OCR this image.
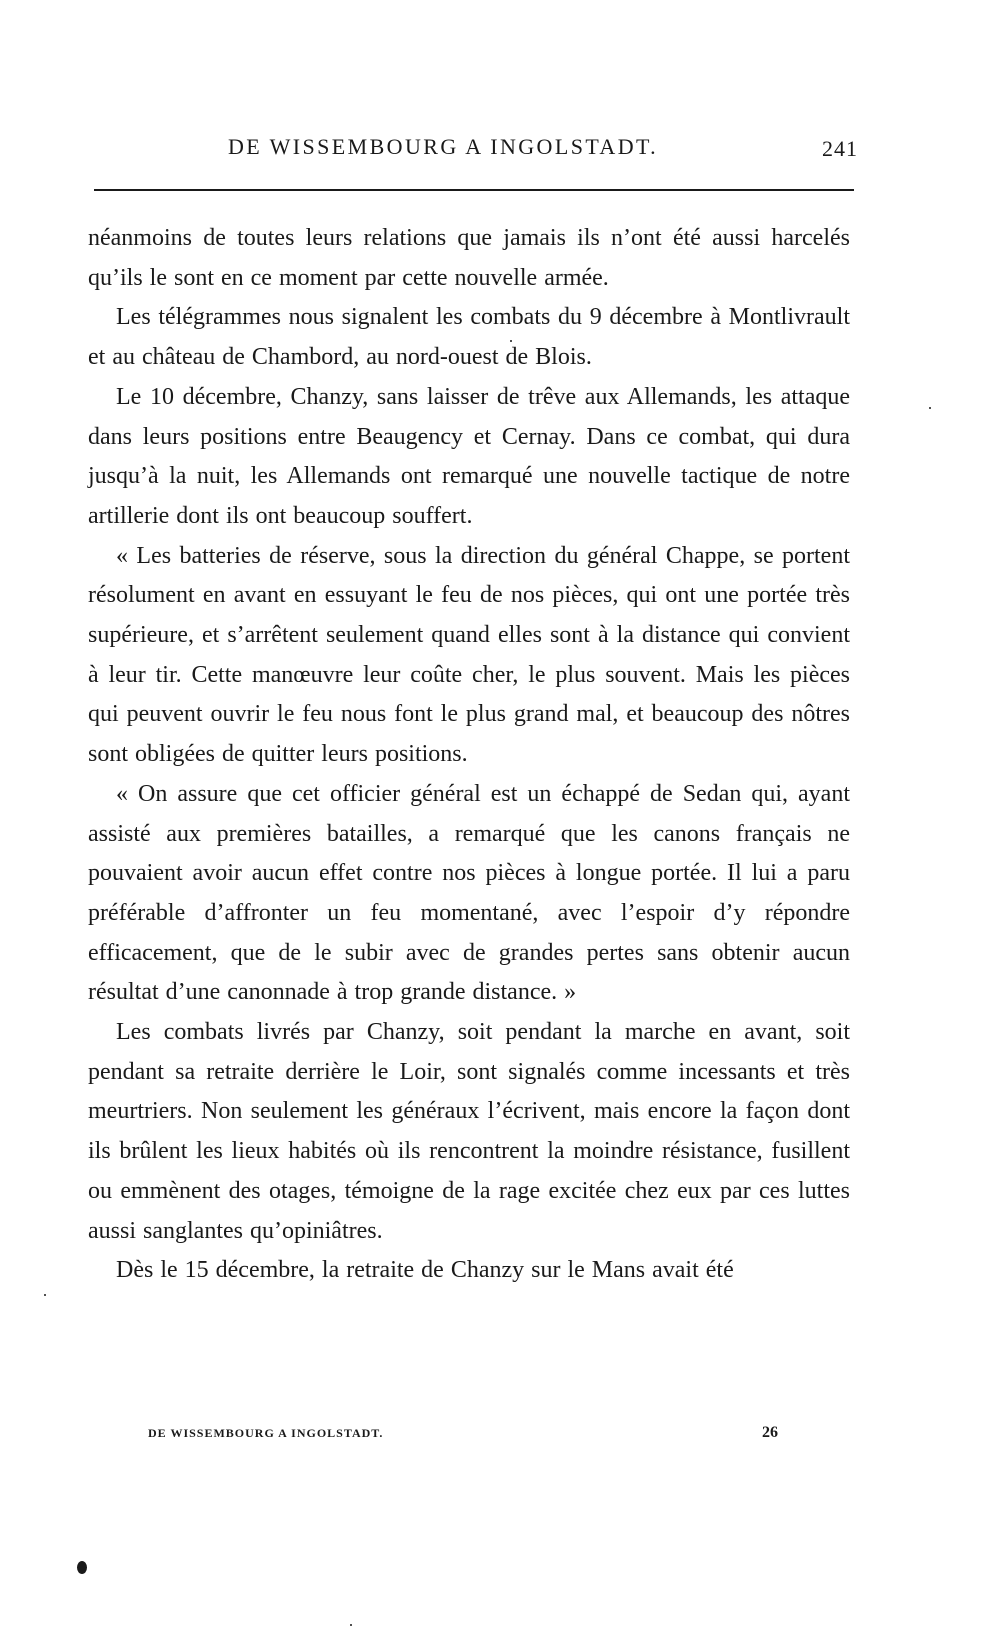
DE WISSEMBOURG A INGOLSTADT.	241

néanmoins de toutes leurs relations que jamais ils n’ont été aussi harcelés qu’ils le sont en ce moment par cette nouvelle armée.

Les télégrammes nous signalent les combats du 9 décembre à Montlivrault et au château de Chambord, au nord-ouest de Blois.

Le 10 décembre, Chanzy, sans laisser de trêve aux Allemands, les attaque dans leurs positions entre Beaugency et Cernay. Dans ce combat, qui dura jusqu’à la nuit, les Allemands ont remarqué une nouvelle tactique de notre artillerie dont ils ont beaucoup souffert.

« Les batteries de réserve, sous la direction du général Chappe, se portent résolument en avant en essuyant le feu de nos pièces, qui ont une portée très supérieure, et s’arrêtent seulement quand elles sont à la distance qui convient à leur tir. Cette manœuvre leur coûte cher, le plus souvent. Mais les pièces qui peuvent ouvrir le feu nous font le plus grand mal, et beaucoup des nôtres sont obligées de quitter leurs positions.

« On assure que cet officier général est un échappé de Sedan qui, ayant assisté aux premières batailles, a remarqué que les canons français ne pouvaient avoir aucun effet contre nos pièces à longue portée. Il lui a paru préférable d’affronter un feu momentané, avec l’espoir d’y répondre efficacement, que de le subir avec de grandes pertes sans obtenir aucun résultat d’une canonnade à trop grande distance. »

Les combats livrés par Chanzy, soit pendant la marche en avant, soit pendant sa retraite derrière le Loir, sont signalés comme incessants et très meurtriers. Non seulement les généraux l’écrivent, mais encore la façon dont ils brûlent les lieux habités où ils rencontrent la moindre résistance, fusillent ou emmènent des otages, témoigne de la rage excitée chez eux par ces luttes aussi sanglantes qu’opiniâtres.

Dès le 15 décembre, la retraite de Chanzy sur le Mans avait été

DE WISSEMBOURG A INGOLSTADT.	26
